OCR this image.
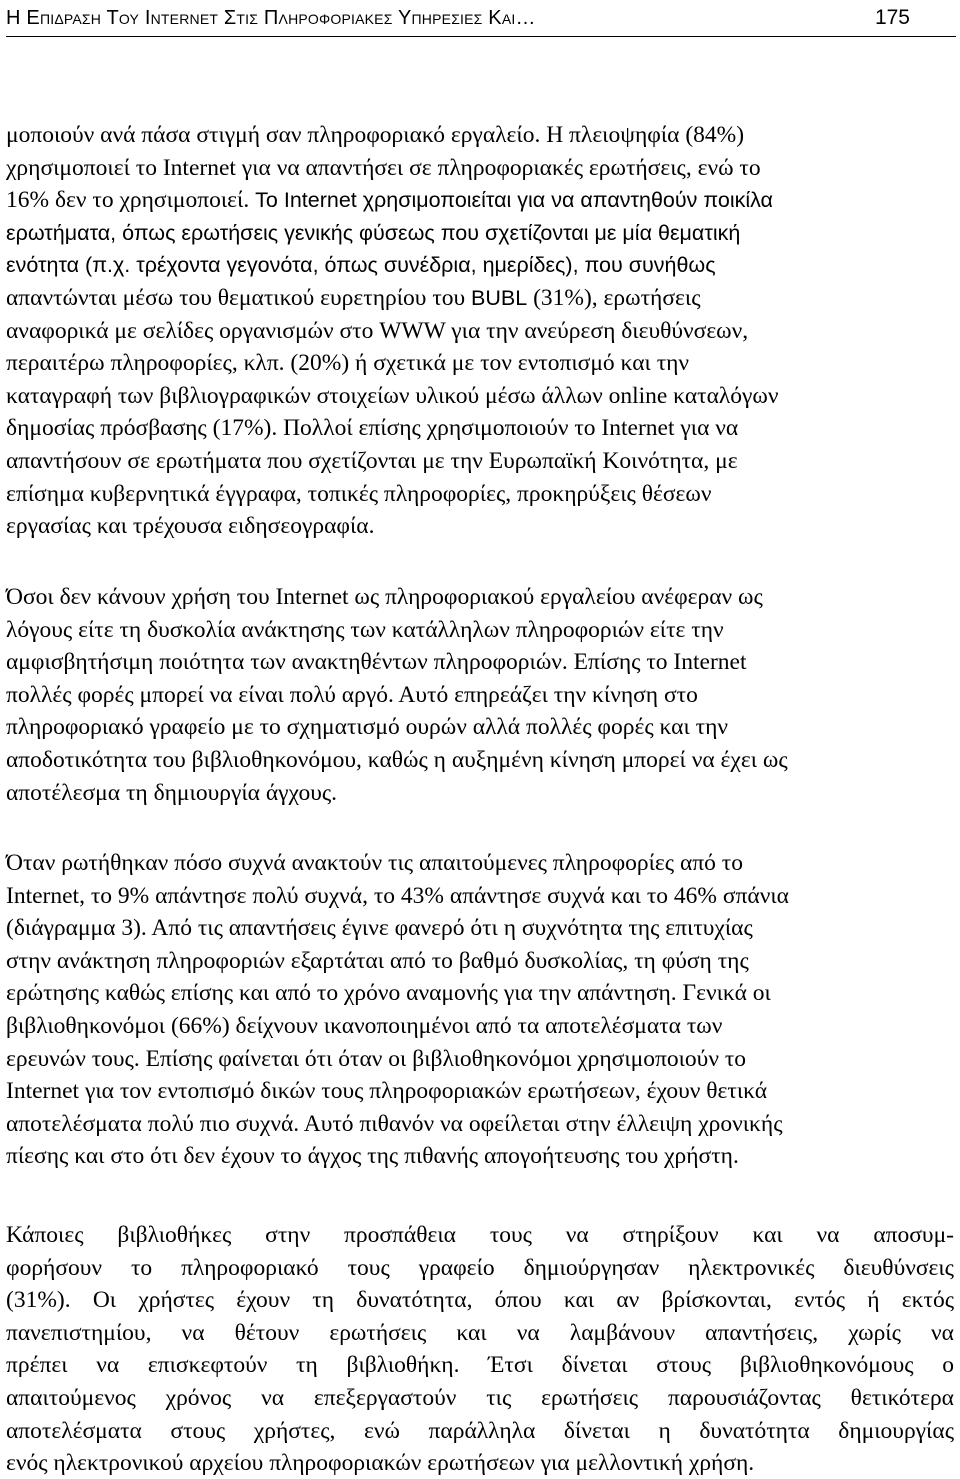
Η Επιδραση Του Internet Στις Πληροφοριακες Υπηρεσιες Και…	175
μοποιούν ανά πάσα στιγμή σαν πληροφοριακό εργαλείο. Η πλειοψηφία (84%)
χρησιμοποιεί το Internet για να απαντήσει σε πληροφοριακές ερωτήσεις, ενώ το
16% δεν το χρησιμοποιεί. Το Internet χρησιμοποιείται για να απαντηθούν ποικίλα
ερωτήματα, όπως ερωτήσεις γενικής φύσεως που σχετίζονται με μία θεματική
ενότητα (π.χ. τρέχοντα γεγονότα, όπως συνέδρια, ημερίδες), που συνήθως
απαντώνται μέσω του θεματικού ευρετηρίου του BUBL (31%), ερωτήσεις
αναφορικά με σελίδες οργανισμών στο WWW για την ανεύρεση διευθύνσεων,
περαιτέρω πληροφορίες, κλπ. (20%) ή σχετικά με τον εντοπισμό και την
καταγραφή των βιβλιογραφικών στοιχείων υλικού μέσω άλλων online καταλόγων
δημοσίας πρόσβασης (17%). Πολλοί επίσης χρησιμοποιούν το Internet για να
απαντήσουν σε ερωτήματα που σχετίζονται με την Ευρωπαϊκή Κοινότητα, με
επίσημα κυβερνητικά έγγραφα, τοπικές πληροφορίες, προκηρύξεις θέσεων
εργασίας και τρέχουσα ειδησεογραφία.
Όσοι δεν κάνουν χρήση του Internet ως πληροφοριακού εργαλείου ανέφεραν ως
λόγους είτε τη δυσκολία ανάκτησης των κατάλληλων πληροφοριών είτε την
αμφισβητήσιμη ποιότητα των ανακτηθέντων πληροφοριών. Επίσης το Internet
πολλές φορές μπορεί να είναι πολύ αργό. Αυτό επηρεάζει την κίνηση στο
πληροφοριακό γραφείο με το σχηματισμό ουρών αλλά πολλές φορές και την
αποδοτικότητα του βιβλιοθηκονόμου, καθώς η αυξημένη κίνηση μπορεί να έχει ως
αποτέλεσμα τη δημιουργία άγχους.
Όταν ρωτήθηκαν πόσο συχνά ανακτούν τις απαιτούμενες πληροφορίες από το
Internet, το 9% απάντησε πολύ συχνά, το 43% απάντησε συχνά και το 46% σπάνια
(διάγραμμα 3). Από τις απαντήσεις έγινε φανερό ότι η συχνότητα της επιτυχίας
στην ανάκτηση πληροφοριών εξαρτάται από το βαθμό δυσκολίας, τη φύση της
ερώτησης καθώς επίσης και από το χρόνο αναμονής για την απάντηση. Γενικά οι
βιβλιοθηκονόμοι (66%) δείχνουν ικανοποιημένοι από τα αποτελέσματα των
ερευνών τους. Επίσης φαίνεται ότι όταν οι βιβλιοθηκονόμοι χρησιμοποιούν το
Internet για τον εντοπισμό δικών τους πληροφοριακών ερωτήσεων, έχουν θετικά
αποτελέσματα πολύ πιο συχνά. Αυτό πιθανόν να οφείλεται στην έλλειψη χρονικής
πίεσης και στο ότι δεν έχουν το άγχος της πιθανής απογοήτευσης του χρήστη.
Κάποιες βιβλιοθήκες στην προσπάθεια τους να στηρίξουν και να αποσυμ-
φορήσουν το πληροφοριακό τους γραφείο δημιούργησαν ηλεκτρονικές διευθύνσεις
(31%). Οι χρήστες έχουν τη δυνατότητα, όπου και αν βρίσκονται, εντός ή εκτός
πανεπιστημίου, να θέτουν ερωτήσεις και να λαμβάνουν απαντήσεις, χωρίς να
πρέπει να επισκεφτούν τη βιβλιοθήκη. Έτσι δίνεται στους βιβλιοθηκονόμους ο
απαιτούμενος χρόνος να επεξεργαστούν τις ερωτήσεις παρουσιάζοντας θετικότερα
αποτελέσματα στους χρήστες, ενώ παράλληλα δίνεται η δυνατότητα δημιουργίας
ενός ηλεκτρονικού αρχείου πληροφοριακών ερωτήσεων για μελλοντική χρήση.
